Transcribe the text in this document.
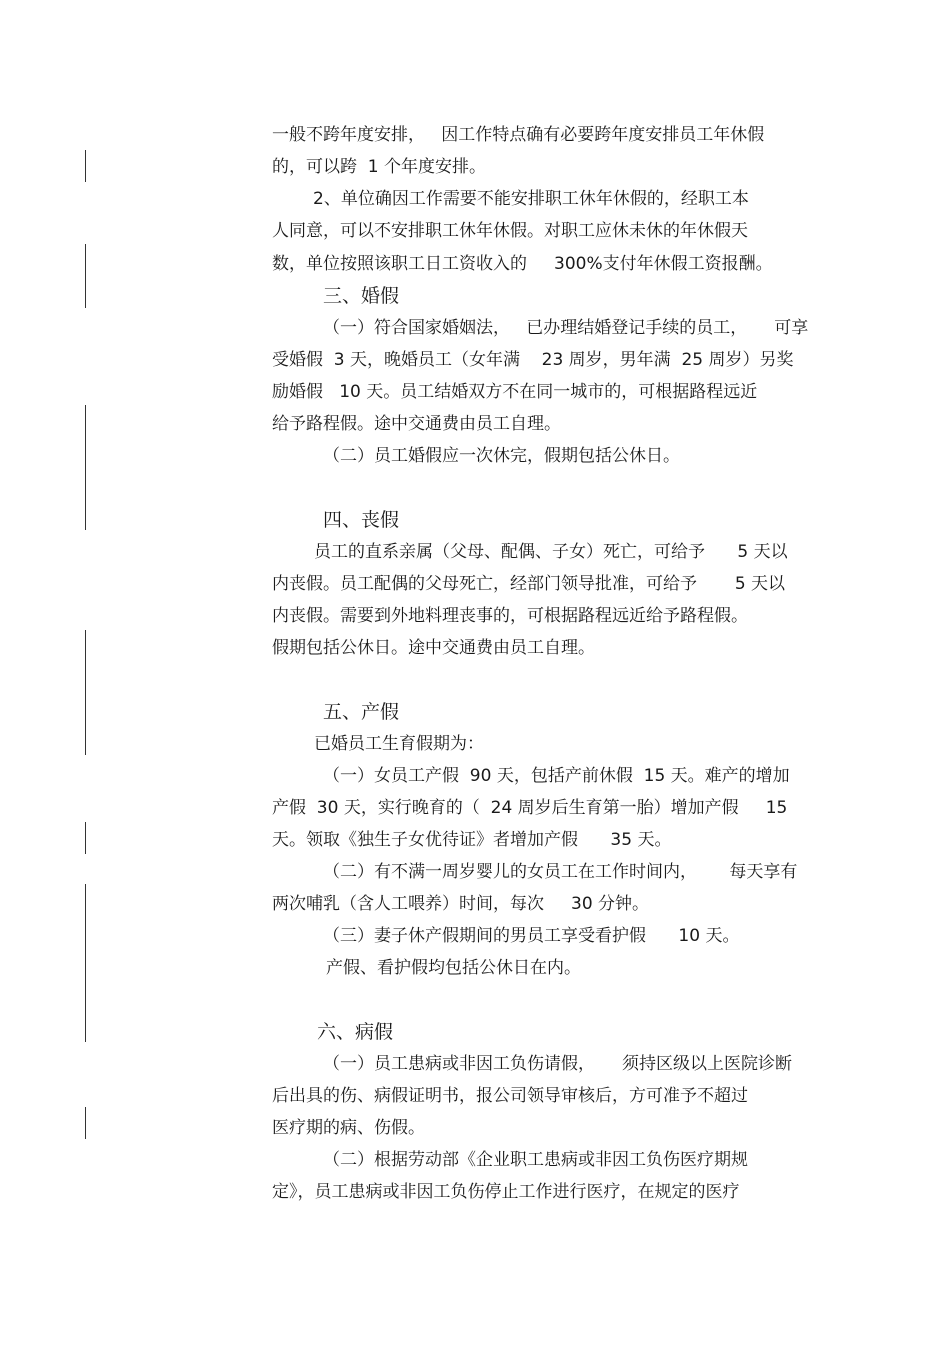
一般不跨年度安排，   因工作特点确有必要跨年度安排员工年休假

的，可以跨  1 个年度安排。

2、单位确因工作需要不能安排职工休年休假的，经职工本

人同意，可以不安排职工休年休假。对职工应休未休的年休假天

数，单位按照该职工日工资收入的     300%支付年休假工资报酬。

三、婚假

（一）符合国家婚姻法，   已办理结婚登记手续的员工，     可享

受婚假  3 天，晚婚员工（女年满    23 周岁，男年满  25 周岁）另奖

励婚假   10 天。员工结婚双方不在同一城市的，可根据路程远近

给予路程假。途中交通费由员工自理。

（二）员工婚假应一次休完，假期包括公休日。

四、丧假

员工的直系亲属（父母、配偶、子女）死亡，可给予      5 天以

内丧假。员工配偶的父母死亡，经部门领导批准，可给予       5 天以

内丧假。需要到外地料理丧事的，可根据路程远近给予路程假。

假期包括公休日。途中交通费由员工自理。

五、产假

已婚员工生育假期为：

（一）女员工产假  90 天，包括产前休假  15 天。难产的增加

产假  30 天，实行晚育的（  24 周岁后生育第一胎）增加产假     15

天。领取《独生子女优待证》者增加产假      35 天。

（二）有不满一周岁婴儿的女员工在工作时间内，      每天享有

两次哺乳（含人工喂养）时间，每次     30 分钟。

（三）妻子休产假期间的男员工享受看护假      10 天。

产假、看护假均包括公休日在内。

六、病假

（一）员工患病或非因工负伤请假，     须持区级以上医院诊断

后出具的伤、病假证明书，报公司领导审核后，方可准予不超过

医疗期的病、伤假。

（二）根据劳动部《企业职工患病或非因工负伤医疗期规

定》，员工患病或非因工负伤停止工作进行医疗，在规定的医疗
